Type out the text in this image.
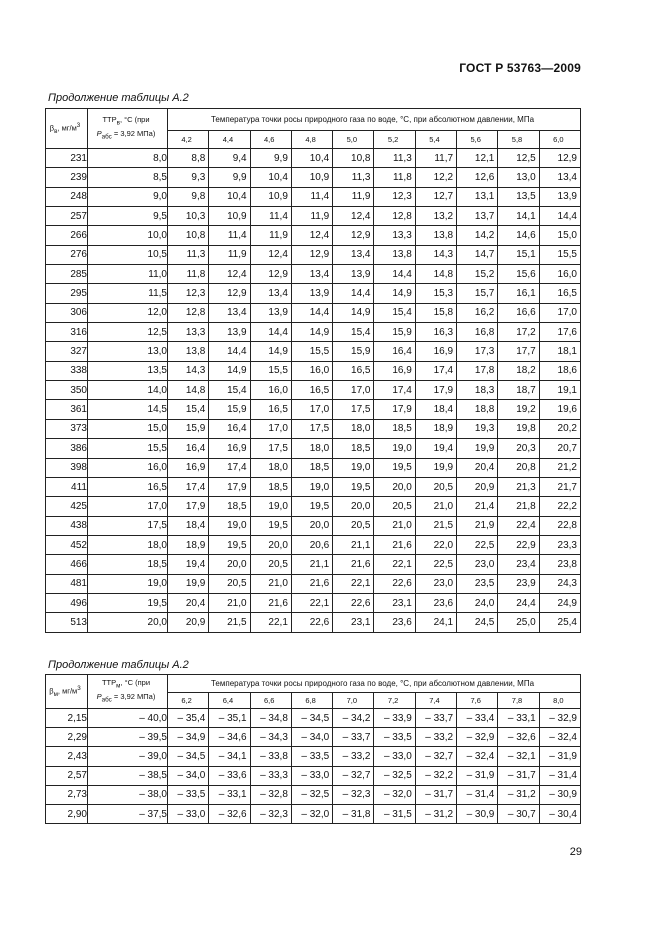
ГОСТ Р 53763—2009
Продолжение таблицы А.2
$\beta_в$, $мг/м^3$	$ТТР_в$, °С (при
$Р_{абс} = 3,92$ МПа)	Температура точки росы природного газа по воде, °С, при абсолютном давлении, МПа									
		4,2	4,4	4,6	4,8	5,0	5,2	5,4	5,6	5,8	6,0
231	8,0	8,8	9,4	9,9	10,4	10,8	11,3	11,7	12,1	12,5	12,9
239	8,5	9,3	9,9	10,4	10,9	11,3	11,8	12,2	12,6	13,0	13,4
248	9,0	9,8	10,4	10,9	11,4	11,9	12,3	12,7	13,1	13,5	13,9
257	9,5	10,3	10,9	11,4	11,9	12,4	12,8	13,2	13,7	14,1	14,4
266	10,0	10,8	11,4	11,9	12,4	12,9	13,3	13,8	14,2	14,6	15,0
276	10,5	11,3	11,9	12,4	12,9	13,4	13,8	14,3	14,7	15,1	15,5
285	11,0	11,8	12,4	12,9	13,4	13,9	14,4	14,8	15,2	15,6	16,0
295	11,5	12,3	12,9	13,4	13,9	14,4	14,9	15,3	15,7	16,1	16,5
306	12,0	12,8	13,4	13,9	14,4	14,9	15,4	15,8	16,2	16,6	17,0
316	12,5	13,3	13,9	14,4	14,9	15,4	15,9	16,3	16,8	17,2	17,6
327	13,0	13,8	14,4	14,9	15,5	15,9	16,4	16,9	17,3	17,7	18,1
338	13,5	14,3	14,9	15,5	16,0	16,5	16,9	17,4	17,8	18,2	18,6
350	14,0	14,8	15,4	16,0	16,5	17,0	17,4	17,9	18,3	18,7	19,1
361	14,5	15,4	15,9	16,5	17,0	17,5	17,9	18,4	18,8	19,2	19,6
373	15,0	15,9	16,4	17,0	17,5	18,0	18,5	18,9	19,3	19,8	20,2
386	15,5	16,4	16,9	17,5	18,0	18,5	19,0	19,4	19,9	20,3	20,7
398	16,0	16,9	17,4	18,0	18,5	19,0	19,5	19,9	20,4	20,8	21,2
411	16,5	17,4	17,9	18,5	19,0	19,5	20,0	20,5	20,9	21,3	21,7
425	17,0	17,9	18,5	19,0	19,5	20,0	20,5	21,0	21,4	21,8	22,2
438	17,5	18,4	19,0	19,5	20,0	20,5	21,0	21,5	21,9	22,4	22,8
452	18,0	18,9	19,5	20,0	20,6	21,1	21,6	22,0	22,5	22,9	23,3
466	18,5	19,4	20,0	20,5	21,1	21,6	22,1	22,5	23,0	23,4	23,8
481	19,0	19,9	20,5	21,0	21,6	22,1	22,6	23,0	23,5	23,9	24,3
496	19,5	20,4	21,0	21,6	22,1	22,6	23,1	23,6	24,0	24,4	24,9
513	20,0	20,9	21,5	22,1	22,6	23,1	23,6	24,1	24,5	25,0	25,4
Продолжение таблицы А.2
$\beta_м$, $мг/м^3$	$ТТР_м$, °С (при
$Р_{абс} = 3,92$ МПа)	Температура точки росы природного газа по воде, °С, при абсолютном давлении, МПа									
		6,2	6,4	6,6	6,8	7,0	7,2	7,4	7,6	7,8	8,0
2,15	– 40,0	– 35,4	– 35,1	– 34,8	– 34,5	– 34,2	– 33,9	– 33,7	– 33,4	– 33,1	– 32,9
2,29	– 39,5	– 34,9	– 34,6	– 34,3	– 34,0	– 33,7	– 33,5	– 33,2	– 32,9	– 32,6	– 32,4
2,43	– 39,0	– 34,5	– 34,1	– 33,8	– 33,5	– 33,2	– 33,0	– 32,7	– 32,4	– 32,1	– 31,9
2,57	– 38,5	– 34,0	– 33,6	– 33,3	– 33,0	– 32,7	– 32,5	– 32,2	– 31,9	– 31,7	– 31,4
2,73	– 38,0	– 33,5	– 33,1	– 32,8	– 32,5	– 32,3	– 32,0	– 31,7	– 31,4	– 31,2	– 30,9
2,90	– 37,5	– 33,0	– 32,6	– 32,3	– 32,0	– 31,8	– 31,5	– 31,2	– 30,9	– 30,7	– 30,4
29
